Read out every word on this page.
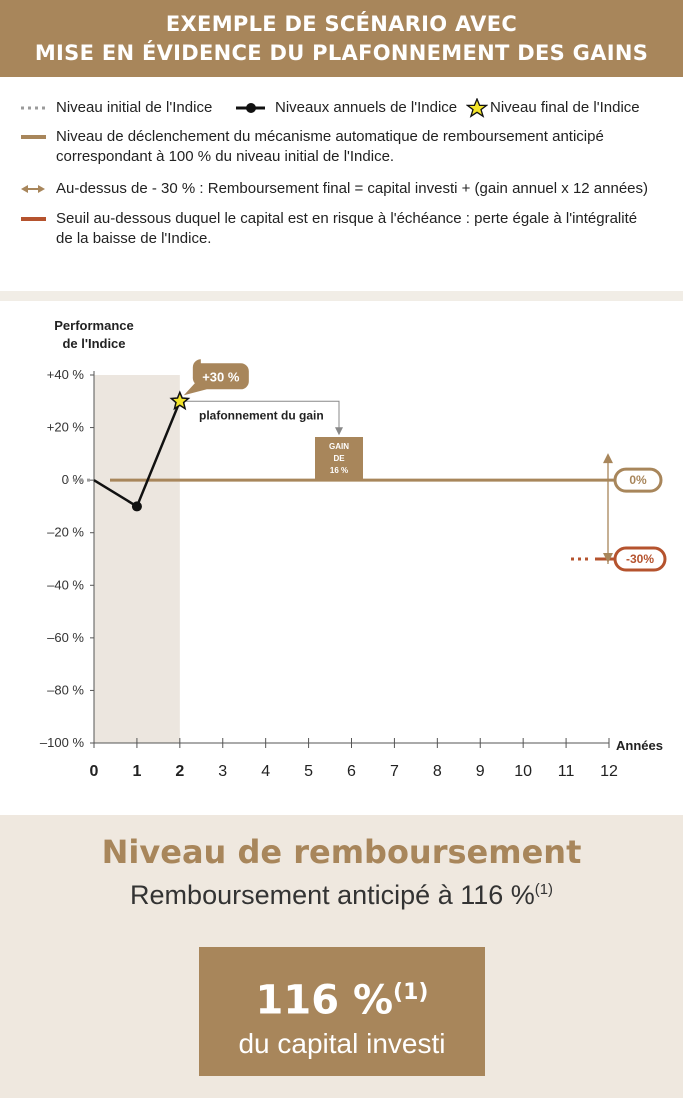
EXEMPLE DE SCÉNARIO AVEC
MISE EN ÉVIDENCE DU PLAFONNEMENT DES GAINS
Niveau initial de l'Indice	Niveaux annuels de l'Indice Niveau final de l'Indice
Niveau de déclenchement du mécanisme automatique de remboursement anticipé
correspondant à 100 % du niveau initial de l'Indice.
Au-dessus de - 30 % : Remboursement final = capital investi + (gain annuel x 12 années)
Seuil au-dessous duquel le capital est en risque à l'échéance : perte égale à l'intégralité
de la baisse de l'Indice.
Performance
de l'Indice
+40 %
+20 %
0 %
–20 %
–40 %
–60 %
–80 %
–100 %
0 1 2 3 4 5 6 7 8 9 10 11 12
Années
0%
-30%
GAIN
DE
16 %
plafonnement du gain
+30 %
Niveau de remboursement
Remboursement anticipé à 116 %$^{(1)}$
116 %$^{(1)}$
du capital investi
